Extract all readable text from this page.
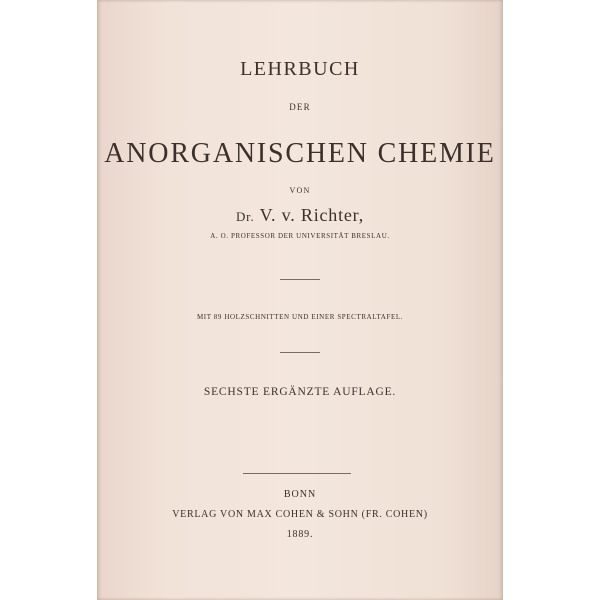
LEHRBUCH
DER
ANORGANISCHEN CHEMIE
VON
Dr. V. v. Richter,
A. O. PROFESSOR DER UNIVERSITÄT BRESLAU.
MIT 89 HOLZSCHNITTEN UND EINER SPECTRALTAFEL.
SECHSTE ERGÄNZTE AUFLAGE.
BONN
VERLAG VON MAX COHEN & SOHN (FR. COHEN)
1889.
